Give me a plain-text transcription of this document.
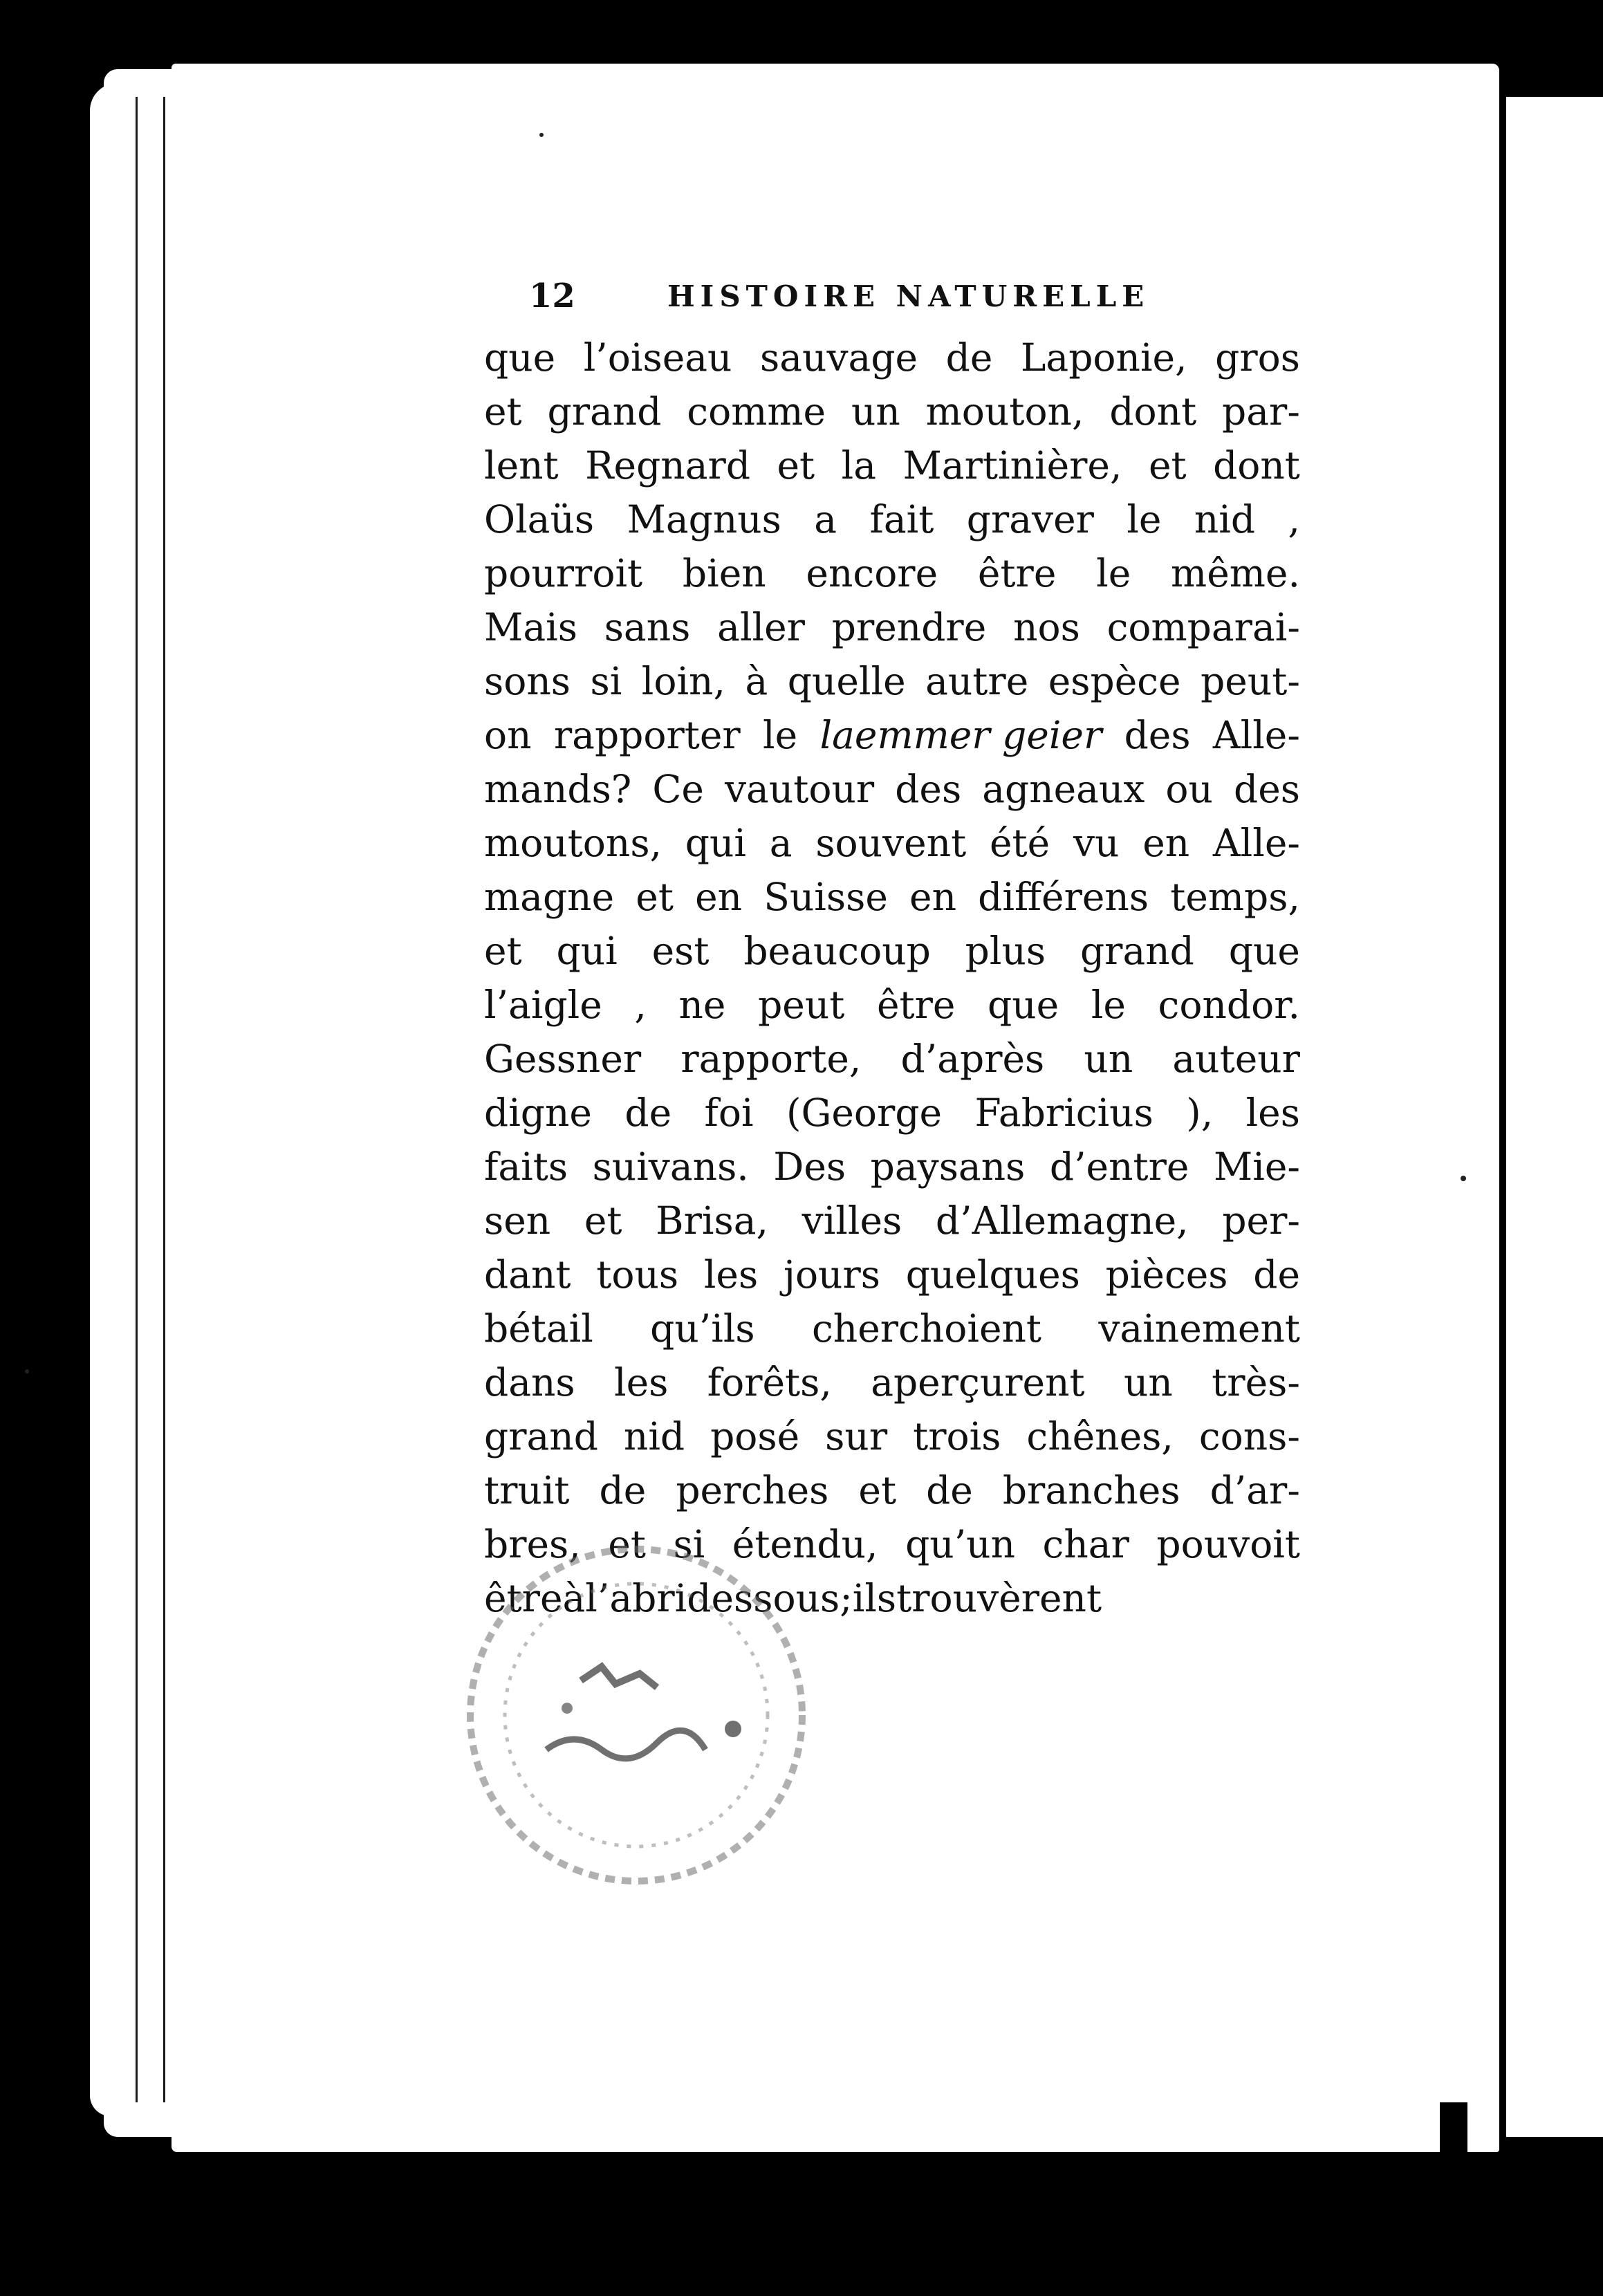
12	HISTOIRE NATURELLE
que l’oiseau sauvage de Laponie, gros
et grand comme un mouton, dont par-
lent Regnard et la Martinière, et dont
Olaüs Magnus a fait graver le nid ,
pourroit bien encore être le même.
Mais sans aller prendre nos comparai-
sons si loin, à quelle autre espèce peut-
on rapporter le laemmer geier des Alle-
mands? Ce vautour des agneaux ou des
moutons, qui a souvent été vu en Alle-
magne et en Suisse en différens temps,
et qui est beaucoup plus grand que
l’aigle , ne peut être que le condor.
Gessner rapporte, d’après un auteur
digne de foi (George Fabricius ), les
faits suivans. Des paysans d’entre Mie-
sen et Brisa, villes d’Allemagne, per-
dant tous les jours quelques pièces de
bétail qu’ils cherchoient vainement
dans les forêts, aperçurent un très-
grand nid posé sur trois chênes, cons-
truit de perches et de branches d’ar-
bres, et si étendu, qu’un char pouvoit
être à l’abri dessous ; ils trouvèrent
